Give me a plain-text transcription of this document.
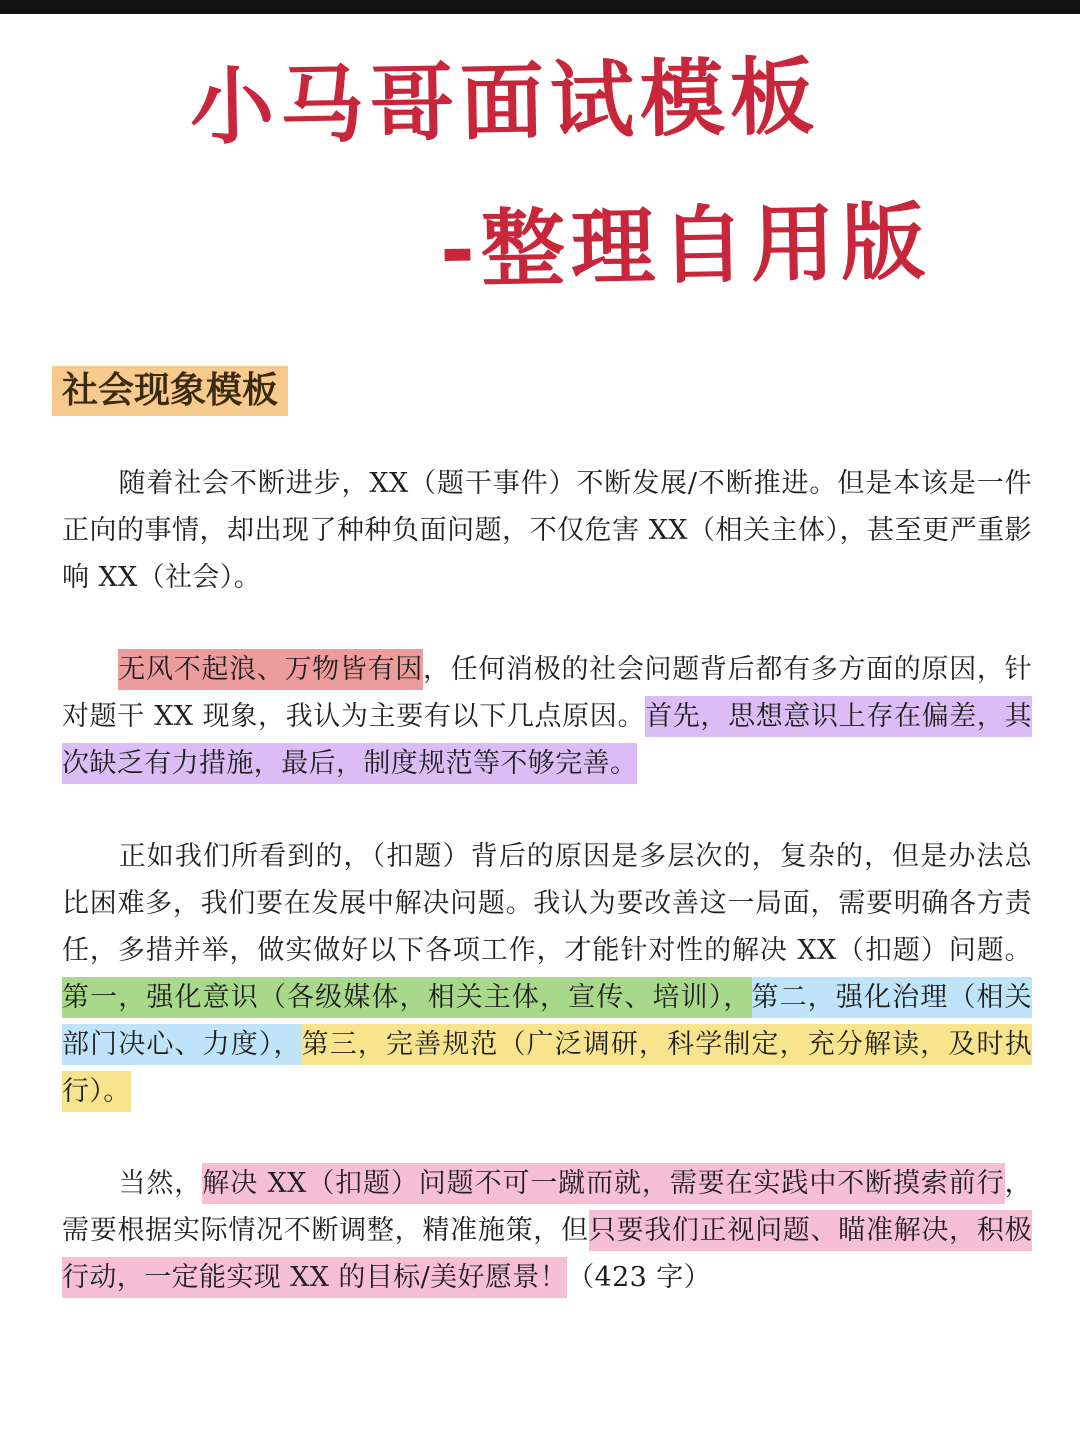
小马哥面试模板
-整理自用版
社会现象模板
随着社会不断进步，XX（题干事件）不断发展/不断推进。但是本该是一件正向的事情，却出现了种种负面问题，不仅危害 XX（相关主体），甚至更严重影响 XX（社会）。
无风不起浪、万物皆有因，任何消极的社会问题背后都有多方面的原因，针对题干 XX 现象，我认为主要有以下几点原因。首先，思想意识上存在偏差，其次缺乏有力措施，最后，制度规范等不够完善。
正如我们所看到的，（扣题）背后的原因是多层次的，复杂的，但是办法总比困难多，我们要在发展中解决问题。我认为要改善这一局面，需要明确各方责任，多措并举，做实做好以下各项工作，才能针对性的解决 XX（扣题）问题。第一，强化意识（各级媒体，相关主体，宣传、培训），第二，强化治理（相关部门决心、力度），第三，完善规范（广泛调研，科学制定，充分解读，及时执行）。
当然，解决 XX（扣题）问题不可一蹴而就，需要在实践中不断摸索前行，需要根据实际情况不断调整，精准施策，但只要我们正视问题、瞄准解决，积极行动，一定能实现 XX 的目标/美好愿景！（423 字）
